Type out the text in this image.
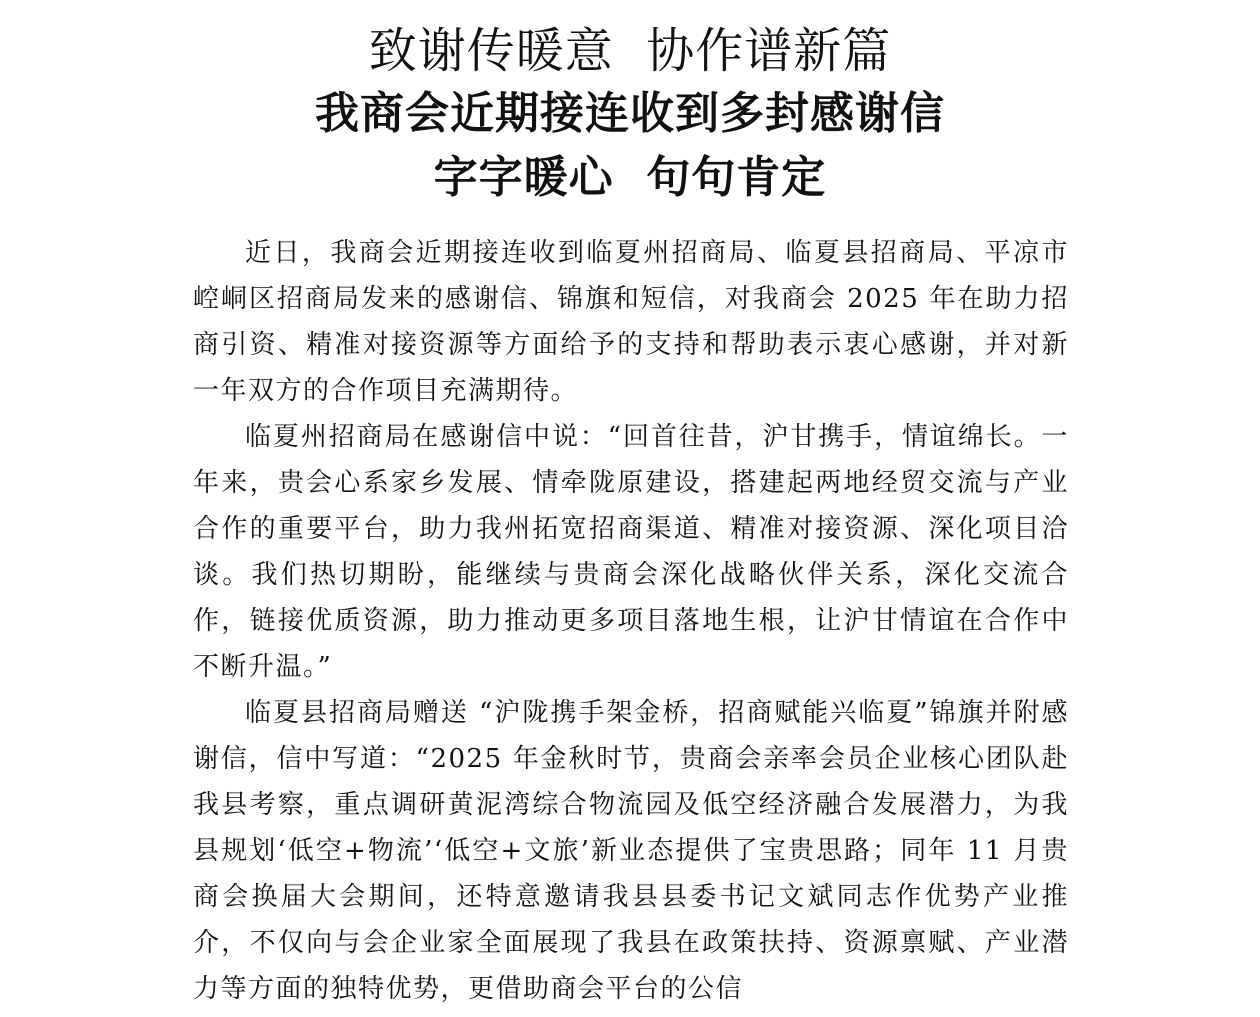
致谢传暖意  协作谱新篇
我商会近期接连收到多封感谢信
字字暖心  句句肯定

近日，我商会近期接连收到临夏州招商局、临夏县招商局、平凉市崆峒区招商局发来的感谢信、锦旗和短信，对我商会 2025 年在助力招商引资、精准对接资源等方面给予的支持和帮助表示衷心感谢，并对新一年双方的合作项目充满期待。

临夏州招商局在感谢信中说：“回首往昔，沪甘携手，情谊绵长。一年来，贵会心系家乡发展、情牵陇原建设，搭建起两地经贸交流与产业合作的重要平台，助力我州拓宽招商渠道、精准对接资源、深化项目洽谈。我们热切期盼，能继续与贵商会深化战略伙伴关系，深化交流合作，链接优质资源，助力推动更多项目落地生根，让沪甘情谊在合作中不断升温。”

临夏县招商局赠送 “沪陇携手架金桥，招商赋能兴临夏”锦旗并附感谢信，信中写道：“2025 年金秋时节，贵商会亲率会员企业核心团队赴我县考察，重点调研黄泥湾综合物流园及低空经济融合发展潜力，为我县规划‘低空+物流’‘低空+文旅’新业态提供了宝贵思路；同年 11 月贵商会换届大会期间，还特意邀请我县县委书记文斌同志作优势产业推介，不仅向与会企业家全面展现了我县在政策扶持、资源禀赋、产业潜力等方面的独特优势，更借助商会平台的公信
